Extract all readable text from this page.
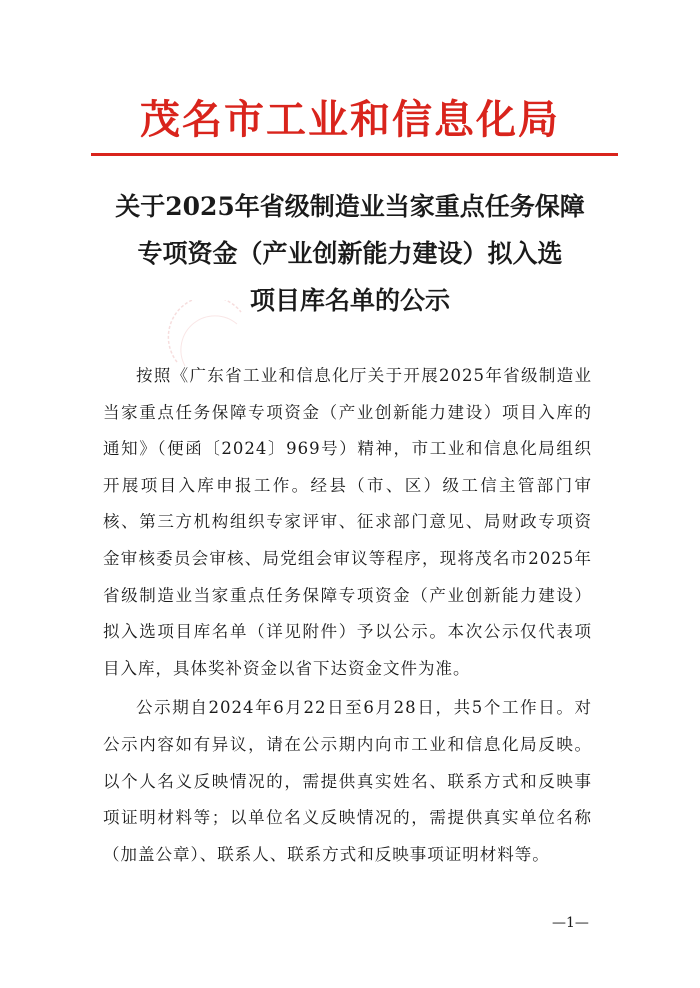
茂名市工业和信息化局
关于2025年省级制造业当家重点任务保障
专项资金（产业创新能力建设）拟入选
项目库名单的公示

按照《广东省工业和信息化厅关于开展2025年省级制造业当家重点任务保障专项资金（产业创新能力建设）项目入库的通知》（便函〔2024〕969号）精神，市工业和信息化局组织开展项目入库申报工作。经县（市、区）级工信主管部门审核、第三方机构组织专家评审、征求部门意见、局财政专项资金审核委员会审核、局党组会审议等程序，现将茂名市2025年省级制造业当家重点任务保障专项资金（产业创新能力建设）拟入选项目库名单（详见附件）予以公示。本次公示仅代表项目入库，具体奖补资金以省下达资金文件为准。

公示期自2024年6月22日至6月28日，共5个工作日。对公示内容如有异议，请在公示期内向市工业和信息化局反映。以个人名义反映情况的，需提供真实姓名、联系方式和反映事项证明材料等；以单位名义反映情况的，需提供真实单位名称（加盖公章）、联系人、联系方式和反映事项证明材料等。

—1—
